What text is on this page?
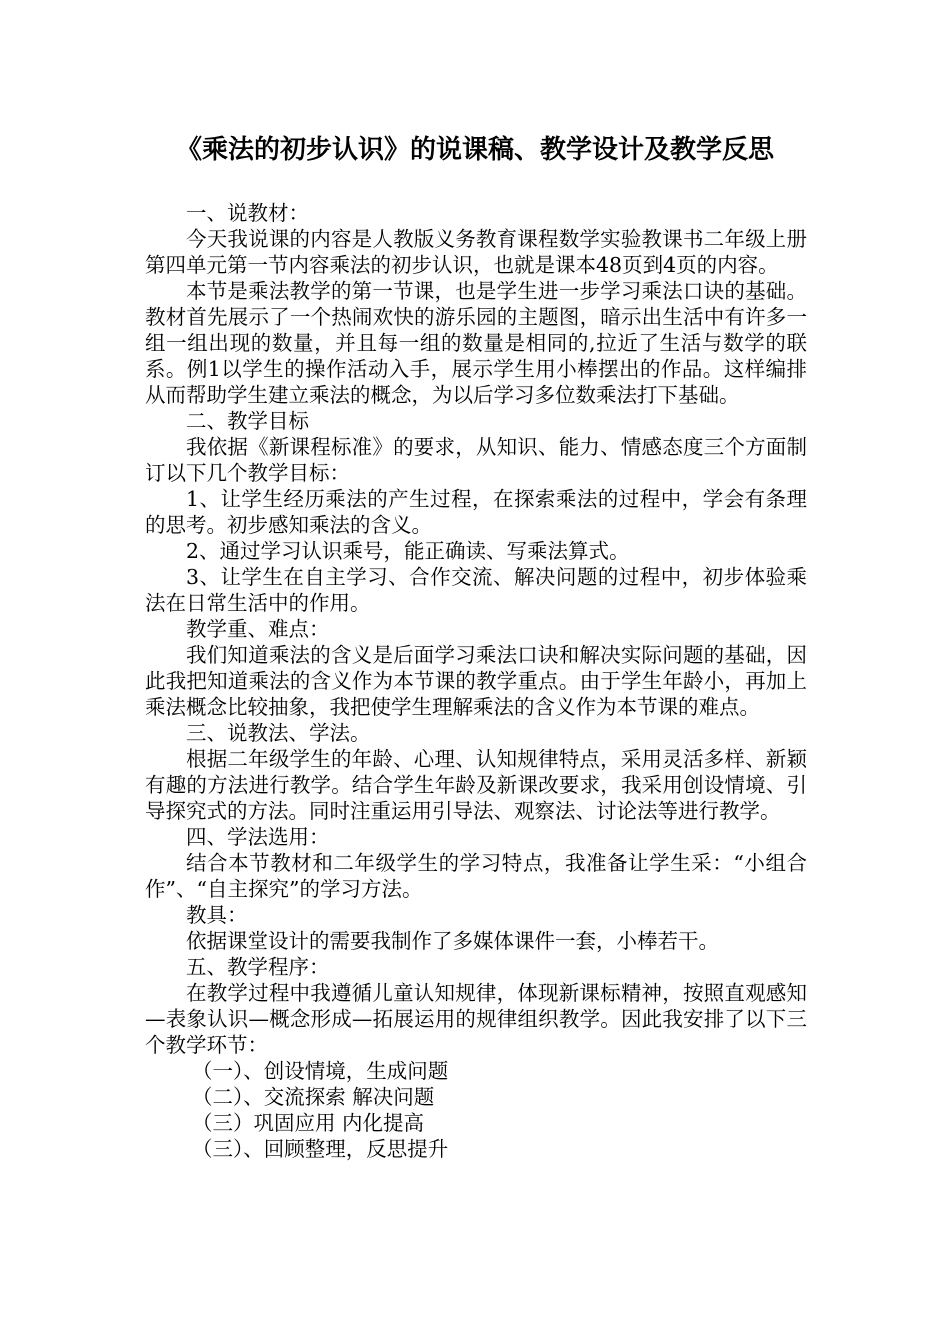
《乘法的初步认识》的说课稿、教学设计及教学反思

一、说教材：

今天我说课的内容是人教版义务教育课程数学实验教课书二年级上册第四单元第一节内容乘法的初步认识，也就是课本48页到4页的内容。

本节是乘法教学的第一节课，也是学生进一步学习乘法口诀的基础。教材首先展示了一个热闹欢快的游乐园的主题图，暗示出生活中有许多一组一组出现的数量，并且每一组的数量是相同的,拉近了生活与数学的联系。例1以学生的操作活动入手，展示学生用小棒摆出的作品。这样编排从而帮助学生建立乘法的概念，为以后学习多位数乘法打下基础。

二、教学目标

我依据《新课程标准》的要求，从知识、能力、情感态度三个方面制订以下几个教学目标：

1、让学生经历乘法的产生过程，在探索乘法的过程中，学会有条理的思考。初步感知乘法的含义。

2、通过学习认识乘号，能正确读、写乘法算式。

3、让学生在自主学习、合作交流、解决问题的过程中，初步体验乘法在日常生活中的作用。

教学重、难点：

我们知道乘法的含义是后面学习乘法口诀和解决实际问题的基础，因此我把知道乘法的含义作为本节课的教学重点。由于学生年龄小，再加上乘法概念比较抽象，我把使学生理解乘法的含义作为本节课的难点。

三、说教法、学法。

根据二年级学生的年龄、心理、认知规律特点，采用灵活多样、新颖有趣的方法进行教学。结合学生年龄及新课改要求，我采用创设情境、引导探究式的方法。同时注重运用引导法、观察法、讨论法等进行教学。

四、学法选用：

结合本节教材和二年级学生的学习特点，我准备让学生采：“小组合作”、“自主探究”的学习方法。

教具：

依据课堂设计的需要我制作了多媒体课件一套，小棒若干。

五、教学程序：

在教学过程中我遵循儿童认知规律，体现新课标精神，按照直观感知—表象认识—概念形成—拓展运用的规律组织教学。因此我安排了以下三个教学环节：

（一）、创设情境，生成问题

（二）、交流探索 解决问题

（三）巩固应用 内化提高

（三）、回顾整理，反思提升
